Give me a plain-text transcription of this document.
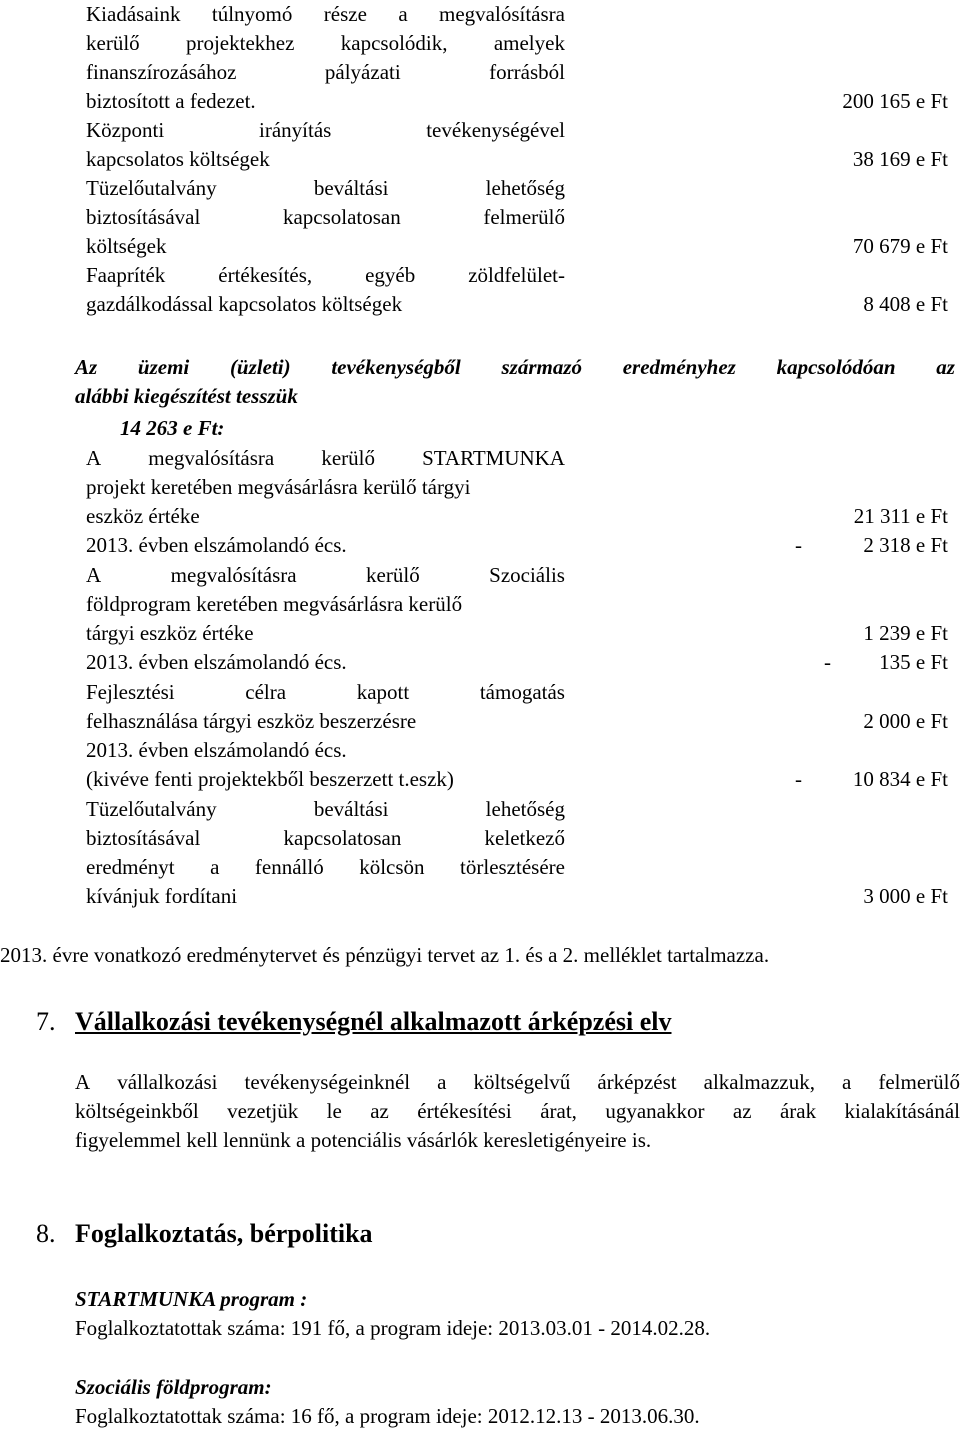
Kiadásaink túlnyomó része a megvalósításra
kerülő projektekhez kapcsolódik, amelyek
finanszírozásához	pályázati	forrásból
biztosított a fedezet.	200 165 e Ft
Központi	irányítás	tevékenységével
kapcsolatos költségek	38 169 e Ft
Tüzelőutalvány	beváltási	lehetőség
biztosításával	kapcsolatosan	felmerülő
költségek	70 679 e Ft
Faapríték	értékesítés,	egyéb	zöldfelület-
gazdálkodással kapcsolatos költségek	8 408 e Ft
Az üzemi (üzleti) tevékenységből származó eredményhez kapcsolódóan az
alábbi kiegészítést tesszük
14 263 e Ft:
A megvalósításra kerülő STARTMUNKA
projekt keretében megvásárlásra kerülő tárgyi
eszköz értéke	21 311 e Ft
2013. évben elszámolandó écs.	-	2 318 e Ft
A	megvalósításra	kerülő	Szociális
földprogram keretében megvásárlásra kerülő
tárgyi eszköz értéke	1 239 e Ft
2013. évben elszámolandó écs.	- 135 e Ft
Fejlesztési	célra	kapott	támogatás
felhasználása tárgyi eszköz beszerzésre	2 000 e Ft
2013. évben elszámolandó écs.
(kivéve fenti projektekből beszerzett t.eszk)	- 10 834 e Ft
Tüzelőutalvány	beváltási	lehetőség
biztosításával	kapcsolatosan	keletkező
eredményt a fennálló kölcsön törlesztésére
kívánjuk fordítani	3 000 e Ft
2013. évre vonatkozó eredménytervet és pénzügyi tervet az 1. és a 2. melléklet tartalmazza.
7. Vállalkozási tevékenységnél alkalmazott árképzési elv
A vállalkozási tevékenységeinknél a költségelvű árképzést alkalmazzuk, a felmerülő
költségeinkből vezetjük le az értékesítési árat, ugyanakkor az árak kialakításánál
figyelemmel kell lennünk a potenciális vásárlók keresletigényeire is.
8. Foglalkoztatás, bérpolitika
STARTMUNKA program :
Foglalkoztatottak száma: 191 fő, a program ideje: 2013.03.01 - 2014.02.28.
Szociális földprogram:
Foglalkoztatottak száma: 16 fő, a program ideje: 2012.12.13 - 2013.06.30.
